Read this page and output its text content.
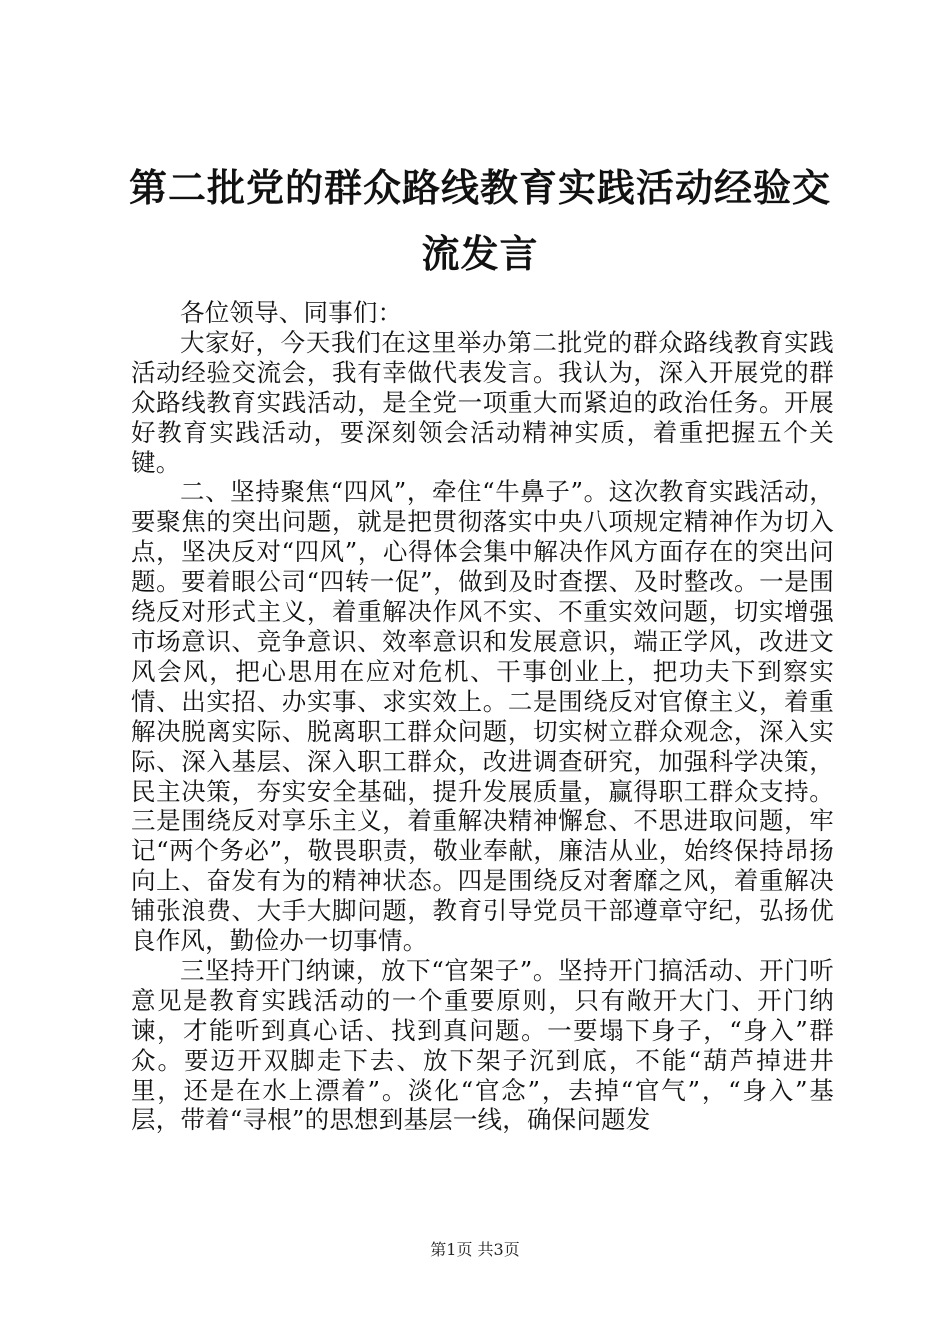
第二批党的群众路线教育实践活动经验交流发言

各位领导、同事们：

大家好，今天我们在这里举办第二批党的群众路线教育实践活动经验交流会，我有幸做代表发言。我认为，深入开展党的群众路线教育实践活动，是全党一项重大而紧迫的政治任务。开展好教育实践活动，要深刻领会活动精神实质，着重把握五个关键。

二、坚持聚焦“四风”，牵住“牛鼻子”。这次教育实践活动，要聚焦的突出问题，就是把贯彻落实中央八项规定精神作为切入点，坚决反对“四风”，心得体会集中解决作风方面存在的突出问题。要着眼公司“四转一促”，做到及时查摆、及时整改。一是围绕反对形式主义，着重解决作风不实、不重实效问题，切实增强市场意识、竞争意识、效率意识和发展意识，端正学风，改进文风会风，把心思用在应对危机、干事创业上，把功夫下到察实情、出实招、办实事、求实效上。二是围绕反对官僚主义，着重解决脱离实际、脱离职工群众问题，切实树立群众观念，深入实际、深入基层、深入职工群众，改进调查研究，加强科学决策，民主决策，夯实安全基础，提升发展质量，赢得职工群众支持。三是围绕反对享乐主义，着重解决精神懈怠、不思进取问题，牢记“两个务必”，敬畏职责，敬业奉献，廉洁从业，始终保持昂扬向上、奋发有为的精神状态。四是围绕反对奢靡之风，着重解决铺张浪费、大手大脚问题，教育引导党员干部遵章守纪，弘扬优良作风，勤俭办一切事情。

三坚持开门纳谏，放下“官架子”。坚持开门搞活动、开门听意见是教育实践活动的一个重要原则，只有敞开大门、开门纳谏，才能听到真心话、找到真问题。一要塌下身子，“身入”群众。要迈开双脚走下去、放下架子沉到底，不能“葫芦掉进井里，还是在水上漂着”。淡化“官念”，去掉“官气”，“身入”基层，带着“寻根”的思想到基层一线，确保问题发

第1页 共3页
